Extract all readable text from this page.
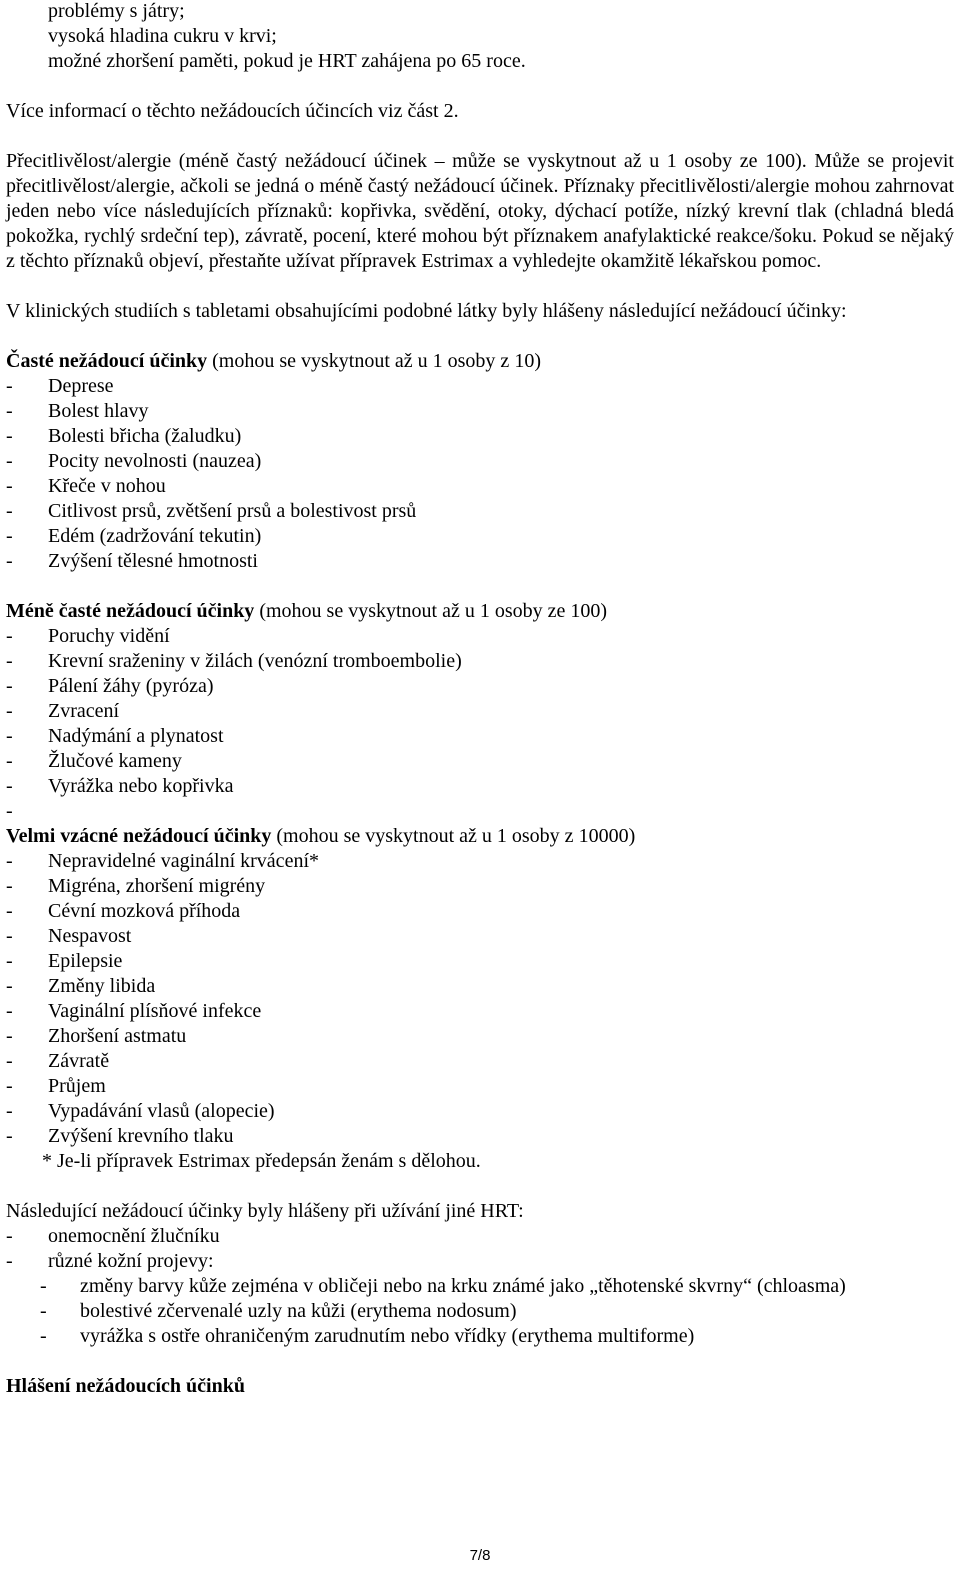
problémy s játry;
vysoká hladina cukru v krvi;
možné zhoršení paměti, pokud je HRT zahájena po 65 roce.
Více informací o těchto nežádoucích účincích viz část 2.
Přecitlivělost/alergie (méně častý nežádoucí účinek – může se vyskytnout až u 1 osoby ze 100). Může se projevit přecitlivělost/alergie, ačkoli se jedná o méně častý nežádoucí účinek. Příznaky přecitlivělosti/alergie mohou zahrnovat jeden nebo více následujících příznaků: kopřivka, svědění, otoky, dýchací potíže, nízký krevní tlak (chladná bledá pokožka, rychlý srdeční tep), závratě, pocení, které mohou být příznakem anafylaktické reakce/šoku. Pokud se nějaký z těchto příznaků objeví, přestaňte užívat přípravek Estrimax a vyhledejte okamžitě lékařskou pomoc.
V klinických studiích s tabletami obsahujícími podobné látky byly hlášeny následující nežádoucí účinky:
Časté nežádoucí účinky (mohou se vyskytnout až u 1 osoby z 10)
-	Deprese
-	Bolest hlavy
-	Bolesti břicha (žaludku)
-	Pocity nevolnosti (nauzea)
-	Křeče v nohou
-	Citlivost prsů, zvětšení prsů a bolestivost prsů
-	Edém (zadržování tekutin)
-	Zvýšení tělesné hmotnosti
Méně časté nežádoucí účinky (mohou se vyskytnout až u 1 osoby ze 100)
-	Poruchy vidění
-	Krevní sraženiny v žilách (venózní tromboembolie)
-	Pálení žáhy (pyróza)
-	Zvracení
-	Nadýmání a plynatost
-	Žlučové kameny
-	Vyrážka nebo kopřivka
-

Velmi vzácné nežádoucí účinky (mohou se vyskytnout až u 1 osoby z 10000)
-	Nepravidelné vaginální krvácení*
-	Migréna, zhoršení migrény
-	Cévní mozková příhoda
-	Nespavost
-	Epilepsie
-	Změny libida
-	Vaginální plísňové infekce
-	Zhoršení astmatu
-	Závratě
-	Průjem
-	Vypadávání vlasů (alopecie)
-	Zvýšení krevního tlaku
* Je-li přípravek Estrimax předepsán ženám s dělohou.
Následující nežádoucí účinky byly hlášeny při užívání jiné HRT:
-	onemocnění žlučníku
-	různé kožní projevy:
-	změny barvy kůže zejména v obličeji nebo na krku známé jako „těhotenské skvrny“ (chloasma)
-	bolestivé zčervenalé uzly na kůži (erythema nodosum)
-	vyrážka s ostře ohraničeným zarudnutím nebo vřídky (erythema multiforme)
Hlášení nežádoucích účinků
7/8
